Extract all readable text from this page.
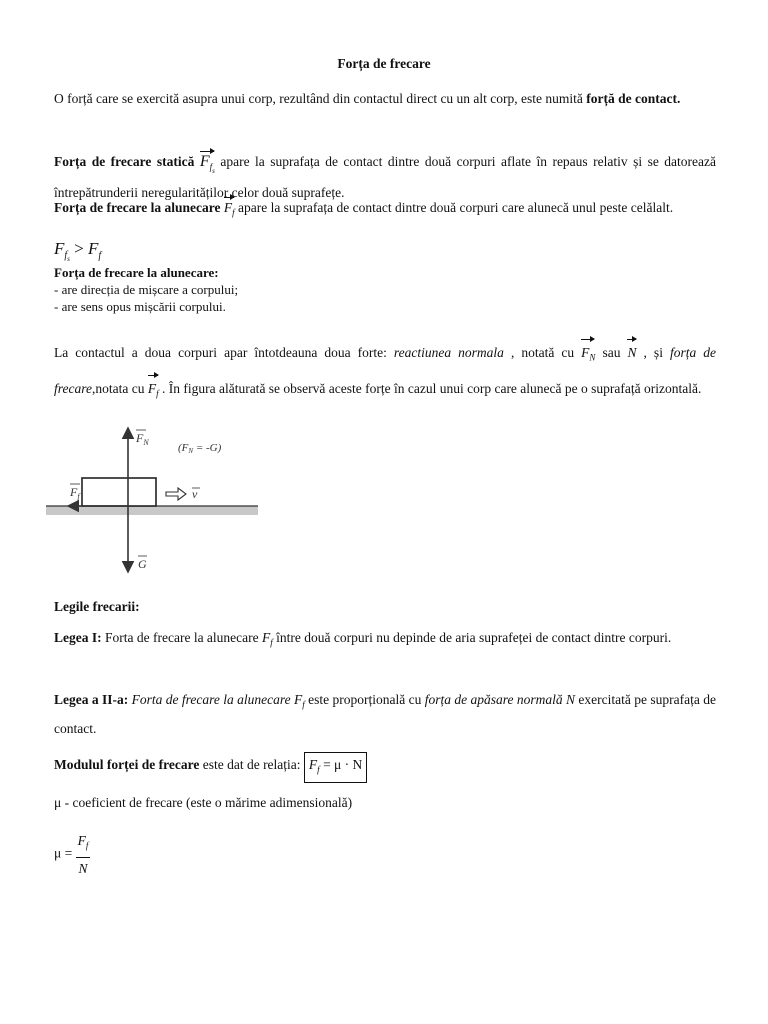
Forța de frecare
O forță care se exercită asupra unui corp, rezultând din contactul direct cu un alt corp, este numită forță de contact.
Forța de frecare statică $F_{f_s}$ apare la suprafața de contact dintre două corpuri aflate în repaus relativ și se datorează întrepătrunderii neregularităților celor două suprafețe.
Forța de frecare la alunecare $F_f$ apare la suprafața de contact dintre două corpuri care alunecă unul peste celălalt.
$F_{f_s} > F_f$
Forța de frecare la alunecare:
- are direcția de mișcare a corpului;
- are sens opus mișcării corpului.
La contactul a doua corpuri apar întotdeauna doua forte: reactiunea normala , notată cu $F_N$ sau N , și forța de frecare,notata cu $F_f$ . În figura alăturată se observă aceste forțe în cazul unui corp care alunecă pe o suprafață orizontală.
$F_N$	(FN = -G)
$F_f$	v
G
Legile frecarii:
Legea I: Forta de frecare la alunecare $F_f$ între două corpuri nu depinde de aria suprafeței de contact dintre corpuri.
Legea a II-a: Forta de frecare la alunecare $F_f$ este proporțională cu forța de apăsare normală N exercitată pe suprafața de contact.
Modulul forței de frecare este dat de relația: $F_f = \mu \cdot N$
μ - coeficient de frecare (este o mărime adimensională)
$\mu = \frac{F_f}{N}$
